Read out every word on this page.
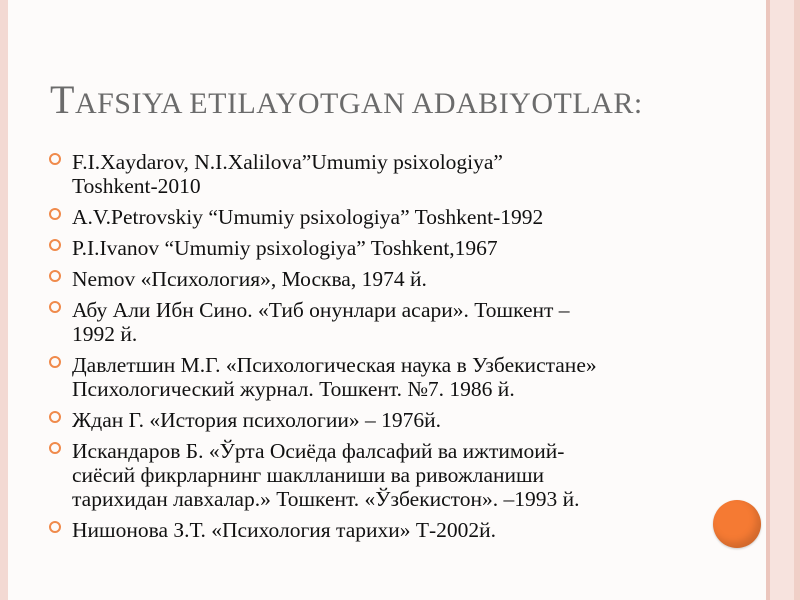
TAFSIYA ETILAYOTGAN ADABIYOTLAR:
F.I.Xaydarov, N.I.Xalilova”Umumiy psixologiya”
Toshkent-2010
A.V.Petrovskiy “Umumiy psixologiya” Toshkent-1992
P.I.Ivanov “Umumiy psixologiya” Toshkent,1967
Nemov «Психология», Москва, 1974 й.
Абу Али Ибн Сино. «Тиб онунлари асари». Тошкент –
1992 й.
Давлетшин М.Г. «Психологическая наука в Узбекистане»
Психологический журнал. Тошкент. №7. 1986 й.
Ждан Г. «История психологии» – 1976й.
Искандаров Б. «Ўрта Осиёда фалсафий ва ижтимоий-
сиёсий фикрларнинг шаклланиши ва ривожланиши
тарихидан лавхалар.» Тошкент. «Ўзбекистон». –1993 й.
Нишонова З.Т. «Психология тарихи» Т-2002й.
